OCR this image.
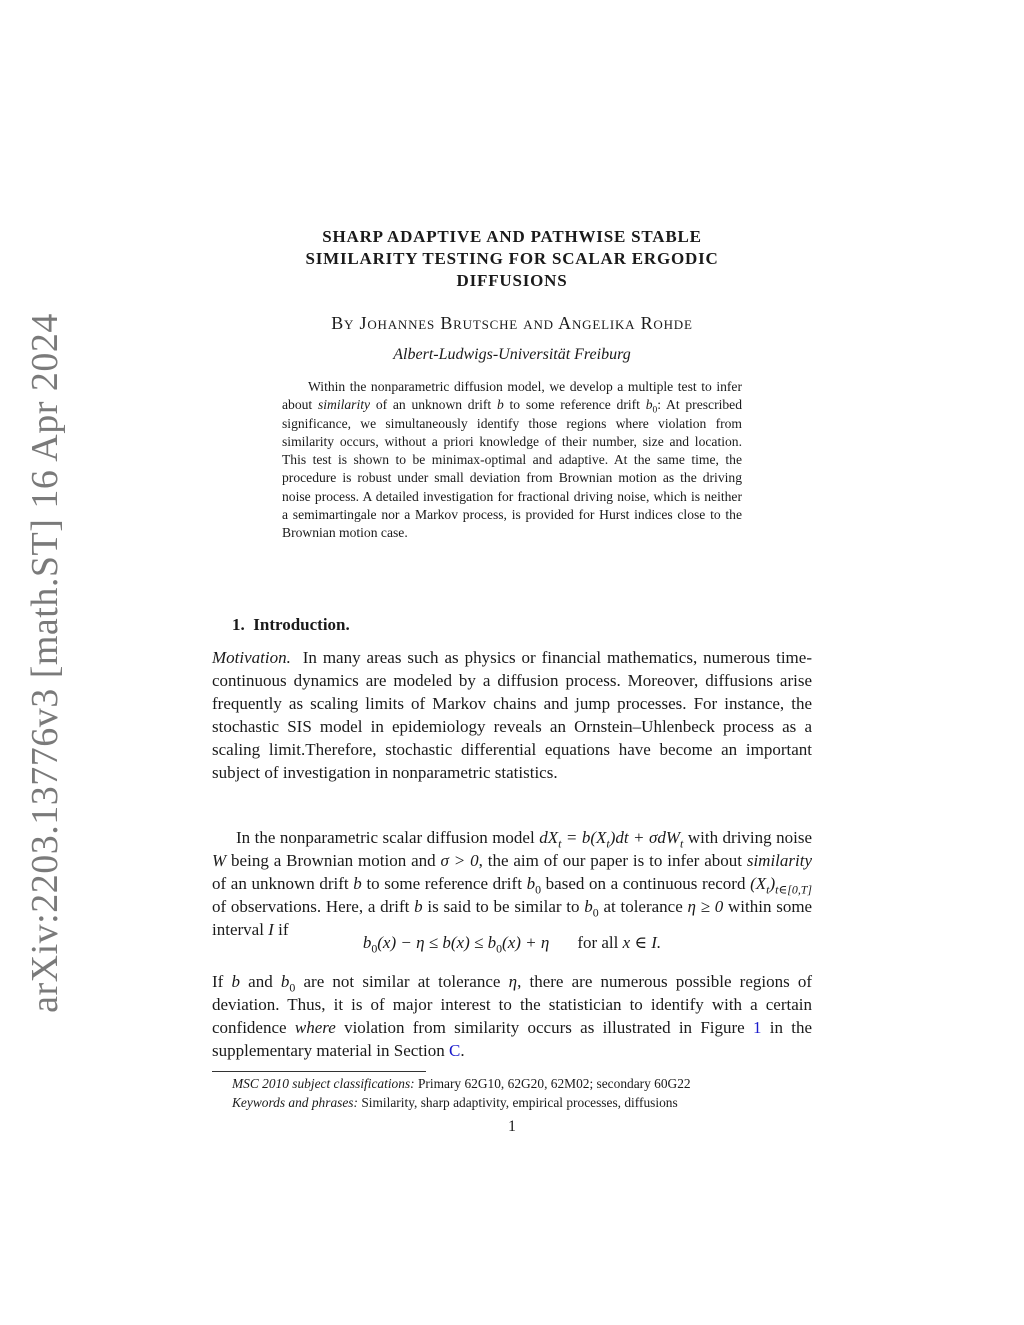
arXiv:2203.13776v3 [math.ST] 16 Apr 2024
SHARP ADAPTIVE AND PATHWISE STABLE
SIMILARITY TESTING FOR SCALAR ERGODIC
DIFFUSIONS
By Johannes Brutsche and Angelika Rohde
Albert-Ludwigs-Universität Freiburg
Within the nonparametric diffusion model, we develop a multiple test to infer about similarity of an unknown drift b to some reference drift $b_0$: At prescribed significance, we simultaneously identify those regions where violation from similarity occurs, without a priori knowledge of their number, size and location. This test is shown to be minimax-optimal and adaptive. At the same time, the procedure is robust under small deviation from Brownian motion as the driving noise process. A detailed investigation for fractional driving noise, which is neither a semimartingale nor a Markov process, is provided for Hurst indices close to the Brownian motion case.
1. Introduction.
Motivation. In many areas such as physics or financial mathematics, numerous time-continuous dynamics are modeled by a diffusion process. Moreover, diffusions arise frequently as scaling limits of Markov chains and jump processes. For instance, the stochastic SIS model in epidemiology reveals an Ornstein–Uhlenbeck process as a scaling limit.Therefore, stochastic differential equations have become an important subject of investigation in nonparametric statistics.
In the nonparametric scalar diffusion model $dX_t = b(X_t)dt + \sigma dW_t$ with driving noise W being a Brownian motion and σ > 0, the aim of our paper is to infer about similarity of an unknown drift b to some reference drift $b_0$ based on a continuous record $(X_t)_{t\in[0,T]}$ of observations. Here, a drift b is said to be similar to $b_0$ at tolerance η ≥ 0 within some interval I if
$b_0(x) - \eta \le b(x) \le b_0(x) + \eta$ for all x ∈ I.
If b and $b_0$ are not similar at tolerance η, there are numerous possible regions of deviation. Thus, it is of major interest to the statistician to identify with a certain confidence where violation from similarity occurs as illustrated in Figure 1 in the supplementary material in Section C.
MSC 2010 subject classifications: Primary 62G10, 62G20, 62M02; secondary 60G22
Keywords and phrases: Similarity, sharp adaptivity, empirical processes, diffusions
1
